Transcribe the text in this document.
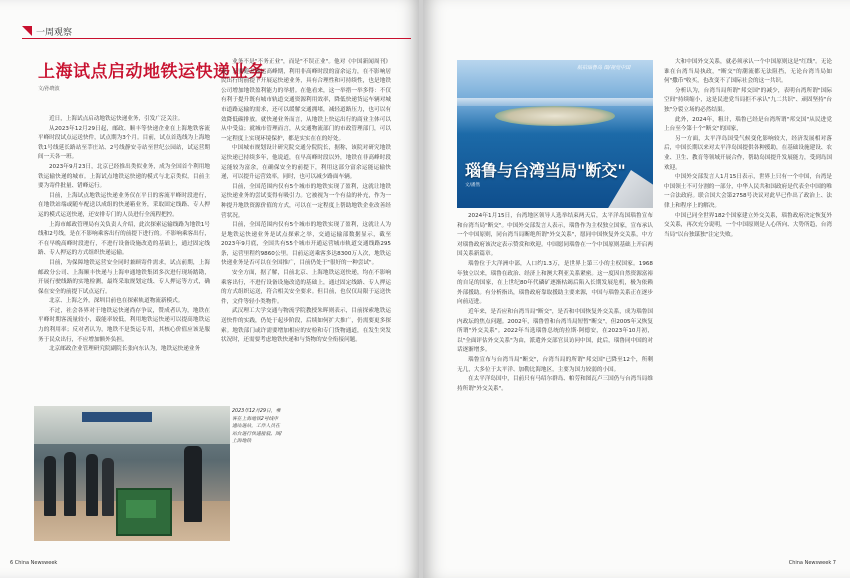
一周观察
上海试点启动地铁运快递业务
文/孙晓波

近日，上海试点启动地铁运快递业务，引发广泛关注。

从2023年12月29日起，邮政、顺丰等快递企业在上海地铁客流平峰时段试点运送快件，试点期为3个月。目前，试点首选线为上海地铁1号线延长路站至莘庄站、2号线静安寺站至世纪公园站，试运营期间一天各一班。

2023年9月23日，北京已经推出类似业务，成为全国首个利用地铁运输快递的城市。上海试点地铁运快递的模式与北京类似，目前主要为寄件批量、错峰运行。

目前，上海试点地铁运快递业务仅在平日的客流平峰时段进行，在地铁站端或随车配送以成组的快递箱业务，采取固定线路、专人押运的模式运送快递，还安排专门的人员进行全流程把控。

上海市邮政管理局有关负责人介绍，此次探索运输线路为地铁1号线和2号线，是在不影响乘客出行的前提下进行的。不影响乘客出行，不在早晚高峰时段进行，不进行设备设施改造的基础上，通过固定线路、专人押运的方式组织快递运输。

目前，为保障地铁运营安全同时兼顾寄件需求，试点前期，上海邮政分公司、上海顺丰快递与上海申通地铁集团多次进行现场踏勘，开展行驶线路的实地检测，最终采取规划定线、专人押运等方式，确保在安全的前提下试点运行。

北京、上海之外，深圳目前也在探索轨道物流新模式。

不过，社会各界对于地铁运快递尚存争议，赞成者认为，地铁在平峰时期客流量较小，载能率较低，利用地铁运快递可以提高地铁运力的利用率；反对者认为，地铁不是货运专用，其核心价值应该是服务于民众出行，不应增加额外负担。

北京邮政企业管理研究院副院长张向东认为，地铁运快递业务

业务不是"不务正业"，而是"不误正业"。他对《中国新闻周刊》说，只要避开客运高峰期，利用非高峰时段的富余运力，在不影响居民出行的前提下开展运快递业务，具有合理性和可持续性，也是地铁公司增加地铁盈利能力的举措。在他看来，这一举措一举多得：不仅有利于提升既有城市轨道交通资源利用效率，降低快递货运车辆对城市道路运输的需求，还可以缓解交通拥堵，减轻道路压力，也可以有效降低碳排放。就快递业务而言，从地铁上快运出行的商业主体可以从中受益；就城市管理而言，从交通物流部门的市政管理部门，可以一定程度上实现环境保护，都是实实在在的好处。

中国城市规划设计研究院交通分院院长，据称，该院对研究地铁运快递已持续多年，他说道，在早高峰时段以外，地铁在非高峰时段运能较为富余，在确保安全的前提下，利用这部分富余运能运输快递，可以提升运营效率，同时，也可以减少路面车辆。

目前，全国范围内仅有5个城市的地铁实现了盈利，这就让地铁运快递业务的尝试变得有吸引力。它被视为一个有益的补充，作为一种提升地铁资源价值的方式，可以在一定程度上帮助地铁企业改善经营状况。

目前，全国范围内仅有5个城市的地铁实现了盈利，这就让人为是地铁运快递业务是试点探索之举，交通运输部数据显示，截至2023年9月底，全国共有55个城市开通运营城市轨道交通线路295条，运营里程约9860公里。目前运送乘客多达8300万人次，地铁运快递业务是否可以在全国推广，目前仍处于"很好的一种尝试"。

安全方面，据了解，目前北京、上海地铁运送快递，均在不影响乘客出行，不进行设备设施改造的基础上，通过固定线路、专人押运的方式组织运送，符合相关安全要求。但目前，也仅仅局限于运送快件，文件等轻小类物件。

武汉理工大学交通与物流学院教授朱晖则表示，目前探索地铁运送快件的实践，仍处于起步阶段，后续如何扩大推广，仍需要更多探索。地铁部门或许需要增加相应的安检和专门货物通道，在发生突发状况时，还需要考虑地铁快递和与货物的安全衔接问题。

2023年12月29日，乘客在上海地铁2号线申通站进站，工作人员在站台进行快递接驳。图/上海地铁
6 China Newsweek
航拍瑙鲁岛 图/视觉中国
瑙鲁与台湾当局"断交"
文/潘然

2024年1月15日，台湾地区领导人选举结束两天后，太平洋岛国瑙鲁宣布和台湾当局"断交"。中国外交部发言人表示，瑙鲁作为主权独立国家，宣布承认一个中国原则，同台湾当局断绝所谓"外交关系"，愿同中国恢复外交关系，中方对瑙鲁政府该决定表示赞赏和欢迎。中国愿同瑙鲁在一个中国原则基础上开启两国关系新篇章。

瑙鲁位于大洋洲中部，人口约1.3万，是世界上第三小的主权国家。1968年独立以来，瑙鲁在政治、经济上和澳大利亚关系紧密。这一度因自然资源富裕的自足的国家，在上世纪80年代磷矿逐渐枯竭后陷入长期发展危机，极为依赖外部援助。有分析指出，瑙鲁政府靠取援助主要来源，中国与瑙鲁关系正在逐步向前迈进。

近年来，是否应和台湾当局"断交"，是否和中国恢复外交关系，成为瑙鲁国内政坛的焦点问题。2002年，瑙鲁曾和台湾当局短暂"断交"，但2005年又恢复所谓"外交关系"。2022年当选瑙鲁总统的拉斯·阿德安，在2023年10月初，以"全面评估外交关系"为由，派遣外交部官员访问中国，此后，瑙鲁同中国的对话逐渐增多。

瑙鲁宣布与台湾当局"断交"，台湾当局的所谓"邦交国"已降至12个，所剩无几，大多位于太平洋、加勒比海地区，主要为国力较弱的小国。

在太平洋岛国中，目前只有马绍尔群岛、帕劳和图瓦卢三国仍与台湾当局维持所谓"外交关系"。

大和中国外交关系，就必须承认一个中国原则这是"红线"。无论谁在台湾当局执政，"断交"的潮流都无法阻挡，无论台湾当局如何"撒币"收买，也改变不了国际社会的这一共识。

分析认为，台湾当局所谓"邦交国"的减少，表明台湾所谓"国际空间"持续缩小，这是民进党当局拒不承认"九二共识"、顽固坚持"台独"分裂立场的必然结果。

此外，2024年，粗计，瑙鲁已经是台湾所谓"邦交国"从民进党上台至今第十个"断交"的国家，

另一方面，太平洋岛国受气候变化影响较大，经济发展相对落后，中国长期以来对太平洋岛国提供各种援助，在基础设施建设、农业、卫生、教育等领域开展合作，帮助岛国提升发展能力，受到岛国欢迎。

中国外交部发言人1月15日表示，世界上只有一个中国，台湾是中国领土不可分割的一部分，中华人民共和国政府是代表全中国的唯一合法政府。联合国大会第2758号决议对此早已作出了政治上、法律上和程序上的解决。

中国已同全世界182个国家建立外交关系，瑙鲁政府决定恢复外交关系，再次充分说明，一个中国原则是人心所向、大势所趋，台湾当局"以台独谋独"注定失败。

China Newsweek 7
